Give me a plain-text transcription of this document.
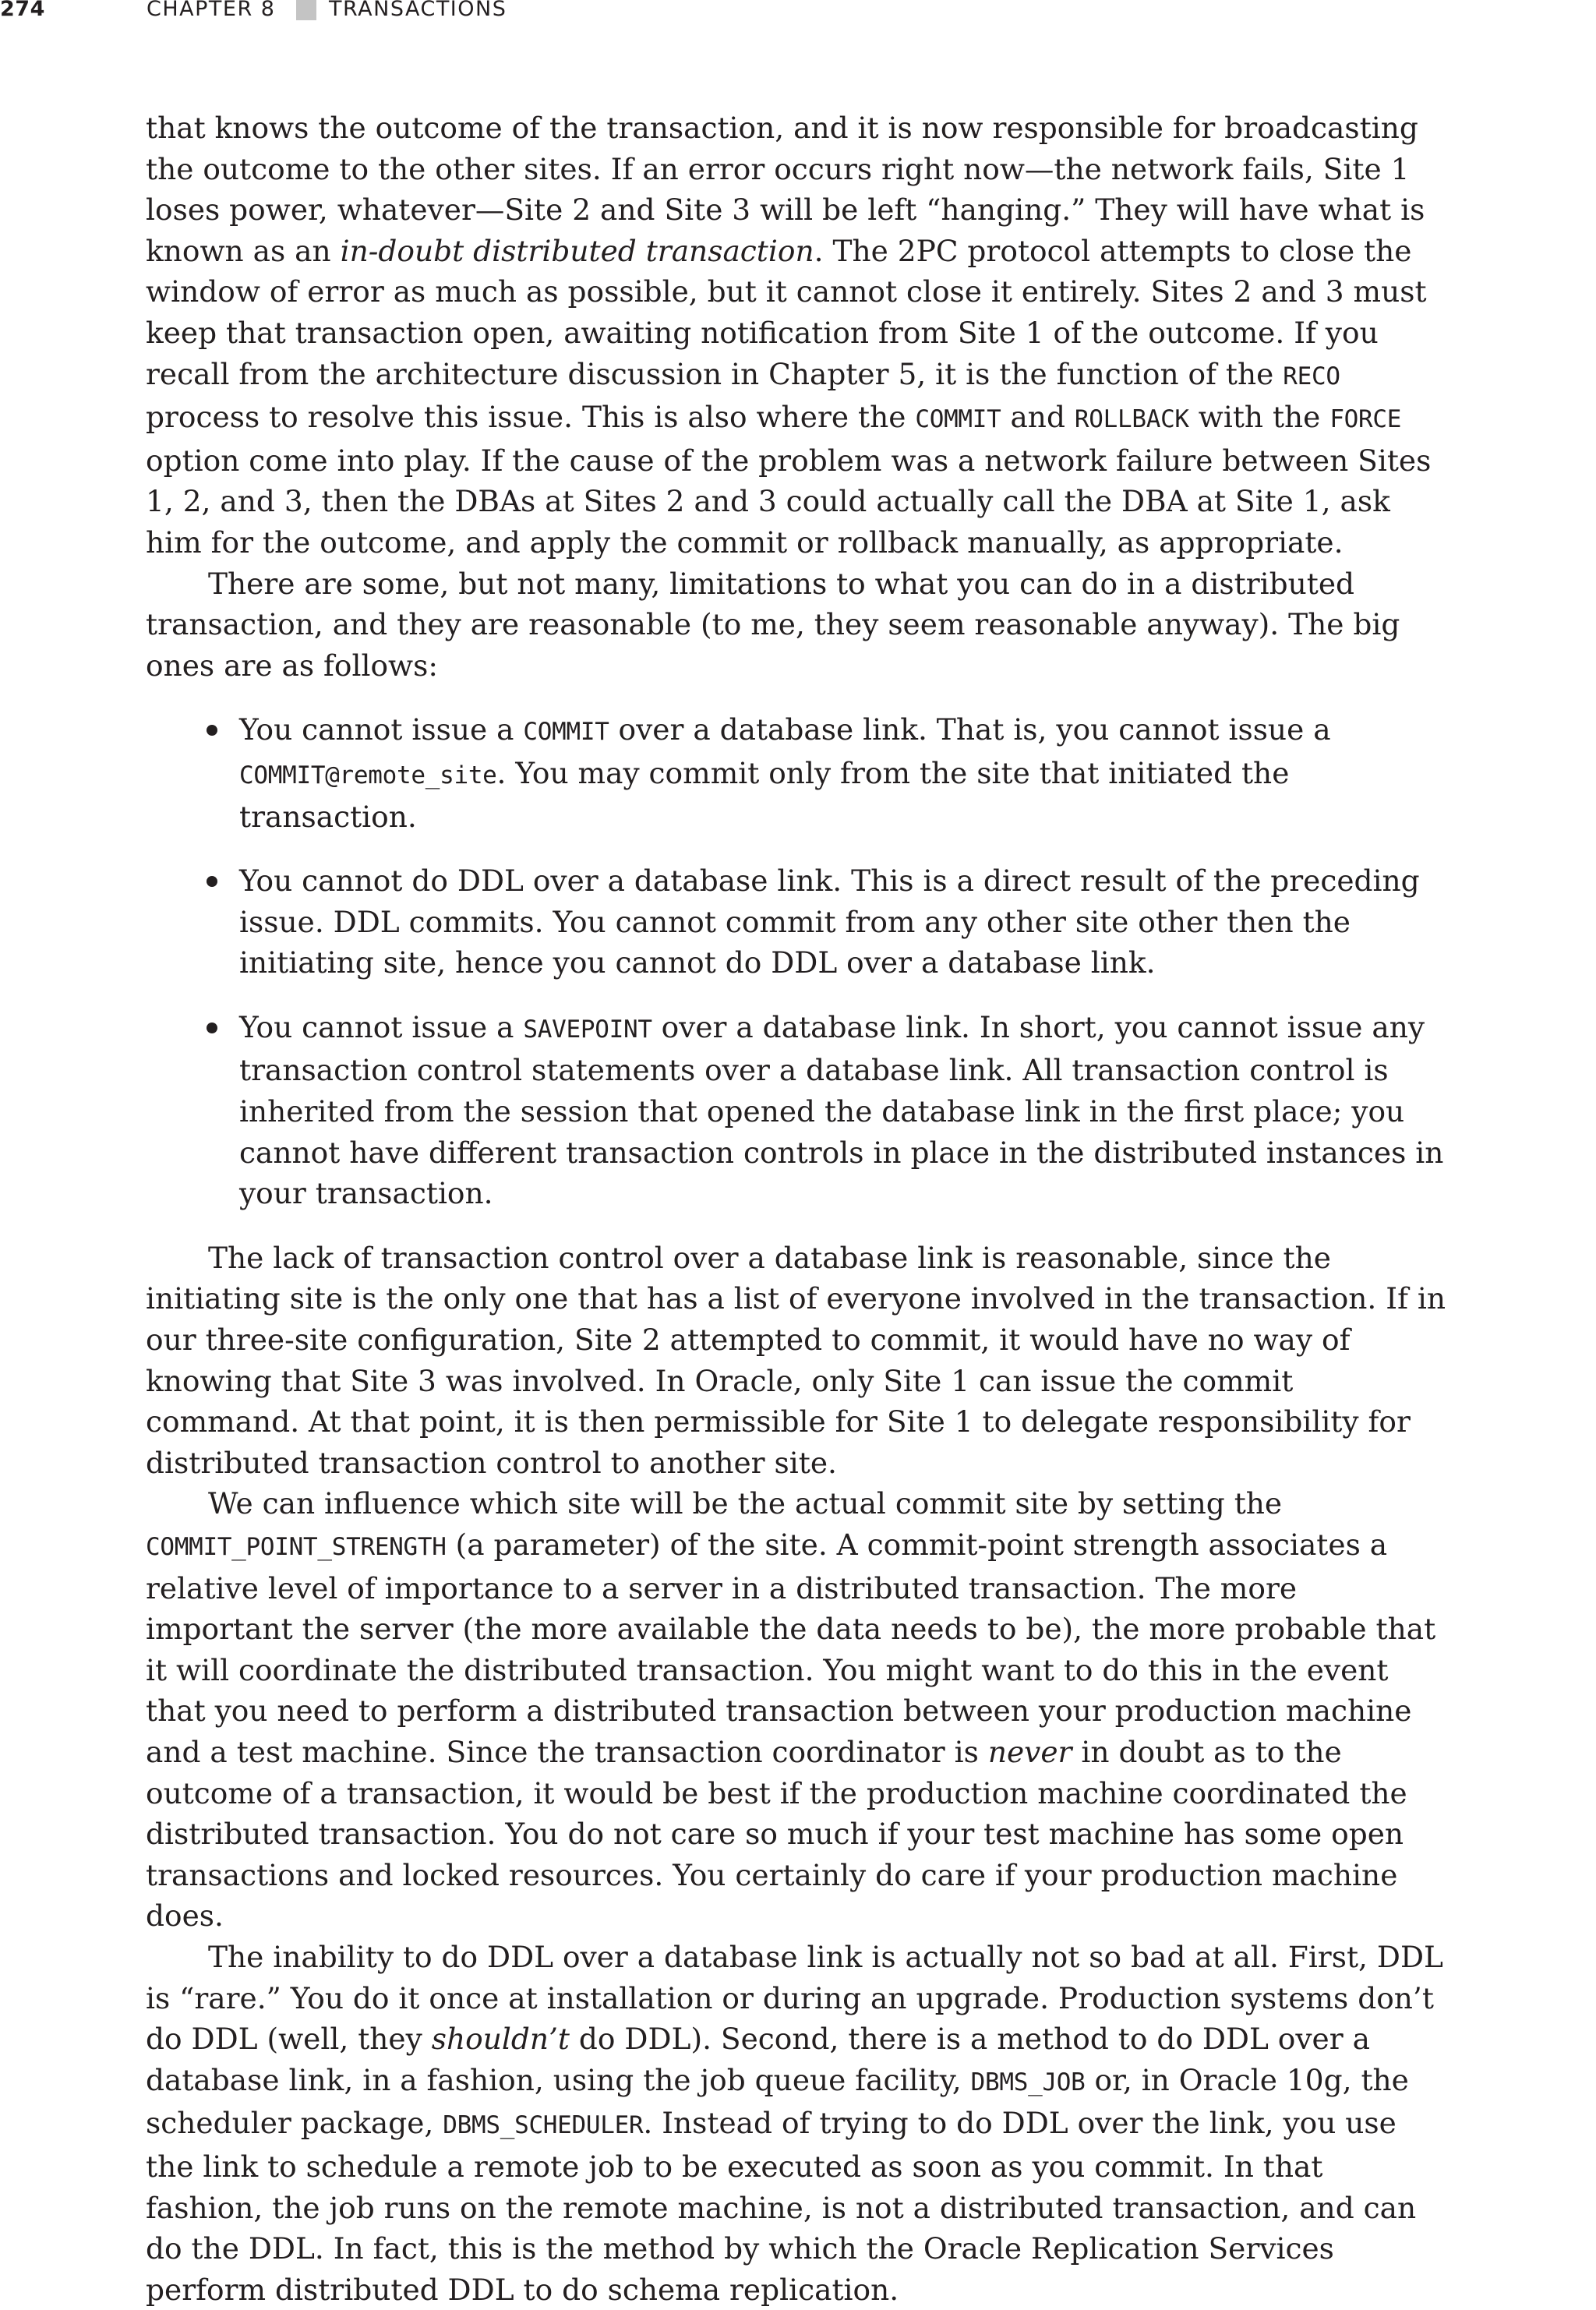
274	CHAPTER 8	TRANSACTIONS

that knows the outcome of the transaction, and it is now responsible for broadcasting the outcome to the other sites. If an error occurs right now—the network fails, Site 1 loses power, whatever—Site 2 and Site 3 will be left “hanging.” They will have what is known as an in-doubt distributed transaction. The 2PC protocol attempts to close the window of error as much as possible, but it cannot close it entirely. Sites 2 and 3 must keep that transaction open, awaiting notification from Site 1 of the outcome. If you recall from the architecture discussion in Chapter 5, it is the function of the RECO process to resolve this issue. This is also where the COMMIT and ROLLBACK with the FORCE option come into play. If the cause of the problem was a network failure between Sites 1, 2, and 3, then the DBAs at Sites 2 and 3 could actually call the DBA at Site 1, ask him for the outcome, and apply the commit or rollback manually, as appropriate.

There are some, but not many, limitations to what you can do in a distributed transaction, and they are reasonable (to me, they seem reasonable anyway). The big ones are as follows:

You cannot issue a COMMIT over a database link. That is, you cannot issue a COMMIT@remote_site. You may commit only from the site that initiated the transaction.
You cannot do DDL over a database link. This is a direct result of the preceding issue. DDL commits. You cannot commit from any other site other then the initiating site, hence you cannot do DDL over a database link.
You cannot issue a SAVEPOINT over a database link. In short, you cannot issue any transaction control statements over a database link. All transaction control is inherited from the session that opened the database link in the first place; you cannot have different transaction controls in place in the distributed instances in your transaction.

The lack of transaction control over a database link is reasonable, since the initiating site is the only one that has a list of everyone involved in the transaction. If in our three-site configuration, Site 2 attempted to commit, it would have no way of knowing that Site 3 was involved. In Oracle, only Site 1 can issue the commit command. At that point, it is then permissible for Site 1 to delegate responsibility for distributed transaction control to another site.

We can influence which site will be the actual commit site by setting the COMMIT_POINT_​STRENGTH (a parameter) of the site. A commit-point strength associates a relative level of importance to a server in a distributed transaction. The more important the server (the more available the data needs to be), the more probable that it will coordinate the distributed transaction. You might want to do this in the event that you need to perform a distributed transaction between your production machine and a test machine. Since the transaction coordinator is never in doubt as to the outcome of a transaction, it would be best if the production machine coordinated the distributed transaction. You do not care so much if your test machine has some open transactions and locked resources. You certainly do care if your production machine does.

The inability to do DDL over a database link is actually not so bad at all. First, DDL is “rare.” You do it once at installation or during an upgrade. Production systems don’t do DDL (well, they shouldn’t do DDL). Second, there is a method to do DDL over a database link, in a fashion, using the job queue facility, DBMS_JOB or, in Oracle 10g, the scheduler package, DBMS_SCHEDULER. Instead of trying to do DDL over the link, you use the link to schedule a remote job to be executed as soon as you commit. In that fashion, the job runs on the remote machine, is not a distributed transaction, and can do the DDL. In fact, this is the method by which the Oracle Replication Services perform distributed DDL to do schema replication.
